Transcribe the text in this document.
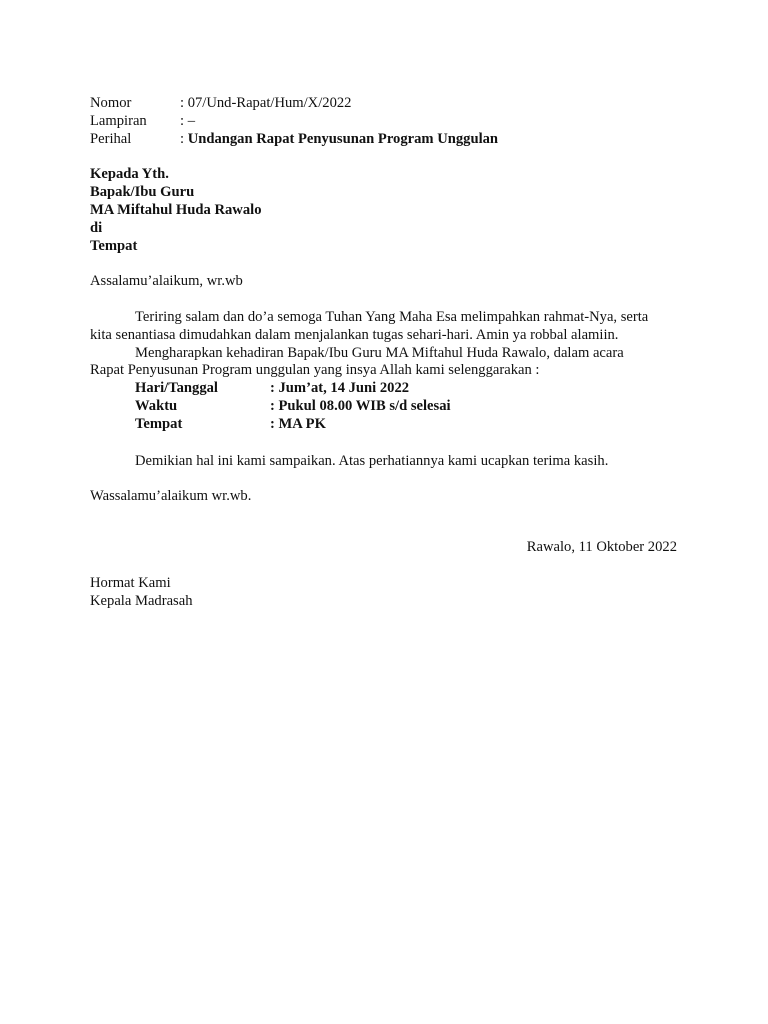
Nomor	: 07/Und-Rapat/Hum/X/2022
Lampiran : –
Perihal	: Undangan Rapat Penyusunan Program Unggulan
Kepada Yth.
Bapak/Ibu Guru
MA Miftahul Huda Rawalo
di
Tempat
Assalamu’alaikum, wr.wb
Teriring salam dan do’a semoga Tuhan Yang Maha Esa melimpahkan rahmat-Nya, serta
kita senantiasa dimudahkan dalam menjalankan tugas sehari-hari. Amin ya robbal alamiin.
Mengharapkan kehadiran Bapak/Ibu Guru MA Miftahul Huda Rawalo, dalam acara
Rapat Penyusunan Program unggulan yang insya Allah kami selenggarakan :
Hari/Tanggal	: Jum’at, 14 Juni 2022
Waktu	: Pukul 08.00 WIB s/d selesai
Tempat	: MA PK
Demikian hal ini kami sampaikan. Atas perhatiannya kami ucapkan terima kasih.
Wassalamu’alaikum wr.wb.
Rawalo, 11 Oktober 2022
Hormat Kami
Kepala Madrasah
